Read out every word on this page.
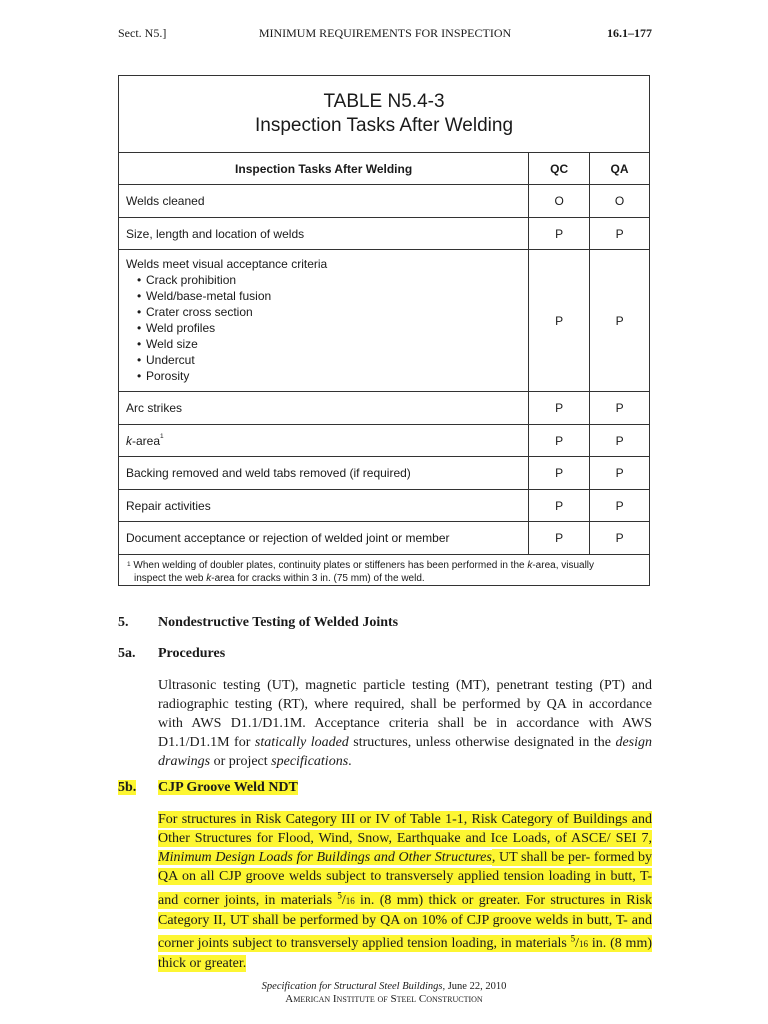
Sect. N5.]	MINIMUM REQUIREMENTS FOR INSPECTION	16.1–177
TABLE N5.4-3
Inspection Tasks After Welding
Inspection Tasks After Welding	QC	QA
Welds cleaned	O	O
Size, length and location of welds	P	P
Welds meet visual acceptance criteria
• Crack prohibition
• Weld/base-metal fusion
• Crater cross section
• Weld profiles
• Weld size
• Undercut
• Porosity
P	P
Arc strikes	P	P
k-area$^1$	P	P
Backing removed and weld tabs removed (if required)	P	P
Repair activities	P	P
Document acceptance or rejection of welded joint or member	P	P
$^1$ When welding of doubler plates, continuity plates or stiffeners has been performed in the k-area, visually
inspect the web k-area for cracks within 3 in. (75 mm) of the weld.
5. Nondestructive Testing of Welded Joints
5a. Procedures
Ultrasonic testing (UT), magnetic particle testing (MT), penetrant testing (PT) and radiographic testing (RT), where required, shall be performed by QA in accordance with AWS D1.1/D1.1M. Acceptance criteria shall be in accordance with AWS D1.1/D1.1M for statically loaded structures, unless otherwise designated in the design drawings or project specifications.
5b. CJP Groove Weld NDT
For structures in Risk Category III or IV of Table 1-1, Risk Category of Buildings and Other Structures for Flood, Wind, Snow, Earthquake and Ice Loads, of ASCE/ SEI 7, Minimum Design Loads for Buildings and Other Structures, UT shall be per- formed by QA on all CJP groove welds subject to transversely applied tension loading in butt, T- and corner joints, in materials $^5$/16 in. (8 mm) thick or greater. For structures in Risk Category II, UT shall be performed by QA on 10% of CJP groove welds in butt, T- and corner joints subject to transversely applied tension loading, in materials $^5$/16 in. (8 mm) thick or greater.
Specification for Structural Steel Buildings, June 22, 2010
American Institute of Steel Construction
